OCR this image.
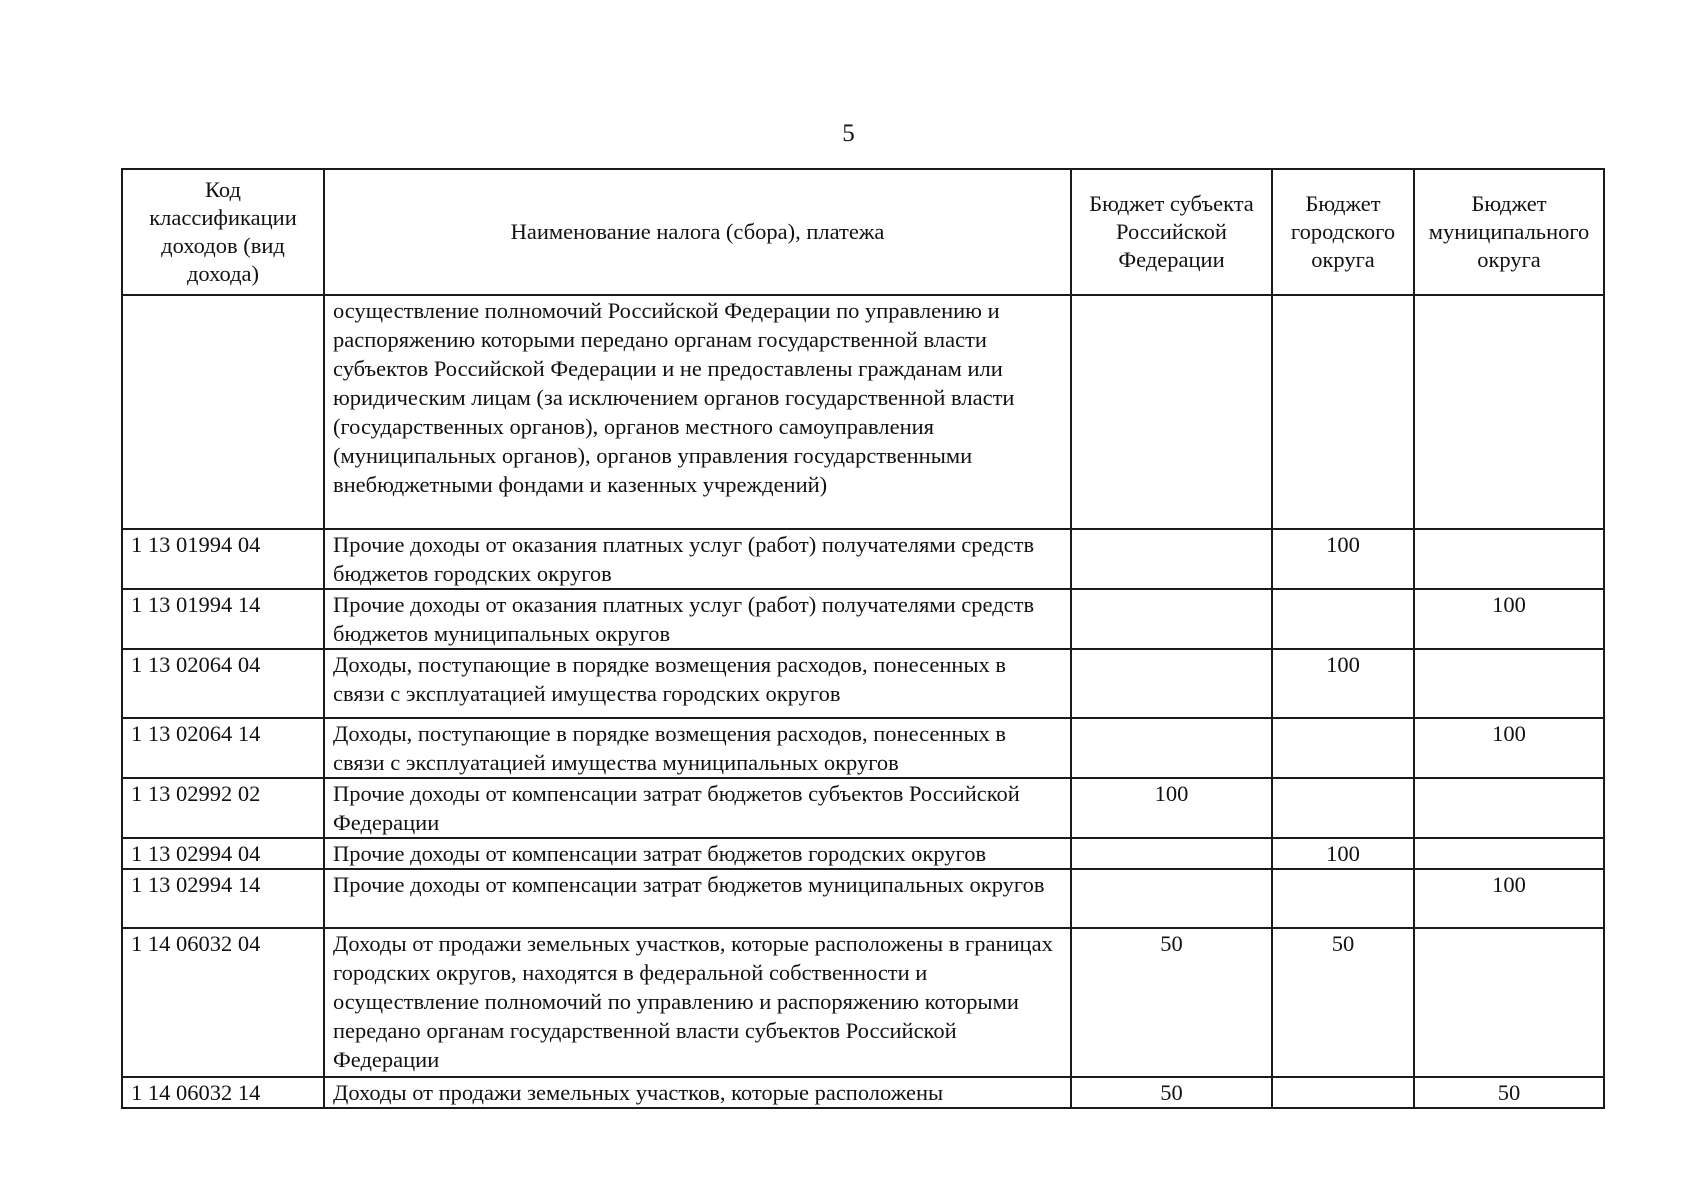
5
Код классификации доходов (вид дохода)	Наименование налога (сбора), платежа	Бюджет субъекта Российской Федерации	Бюджет городского округа	Бюджет муниципального округа
	осуществление полномочий Российской Федерации по управлению и распоряжению которыми передано органам государственной власти субъектов Российской Федерации и не предоставлены гражданам или юридическим лицам (за исключением органов государственной власти (государственных органов), органов местного самоуправления (муниципальных органов), органов управления государственными внебюджетными фондами и казенных учреждений)			
1 13 01994 04	Прочие доходы от оказания платных услуг (работ) получателями средств бюджетов городских округов		100	
1 13 01994 14	Прочие доходы от оказания платных услуг (работ) получателями средств бюджетов муниципальных округов			100
1 13 02064 04	Доходы, поступающие в порядке возмещения расходов, понесенных в связи с эксплуатацией имущества городских округов		100	
1 13 02064 14	Доходы, поступающие в порядке возмещения расходов, понесенных в связи с эксплуатацией имущества муниципальных округов			100
1 13 02992 02	Прочие доходы от компенсации затрат бюджетов субъектов Российской Федерации	100		
1 13 02994 04	Прочие доходы от компенсации затрат бюджетов городских округов		100	
1 13 02994 14	Прочие доходы от компенсации затрат бюджетов муниципальных округов			100
1 14 06032 04	Доходы от продажи земельных участков, которые расположены в границах городских округов, находятся в федеральной собственности и осуществление полномочий по управлению и распоряжению которыми передано органам государственной власти субъектов Российской Федерации	50	50	
1 14 06032 14	Доходы от продажи земельных участков, которые расположены	50		50
